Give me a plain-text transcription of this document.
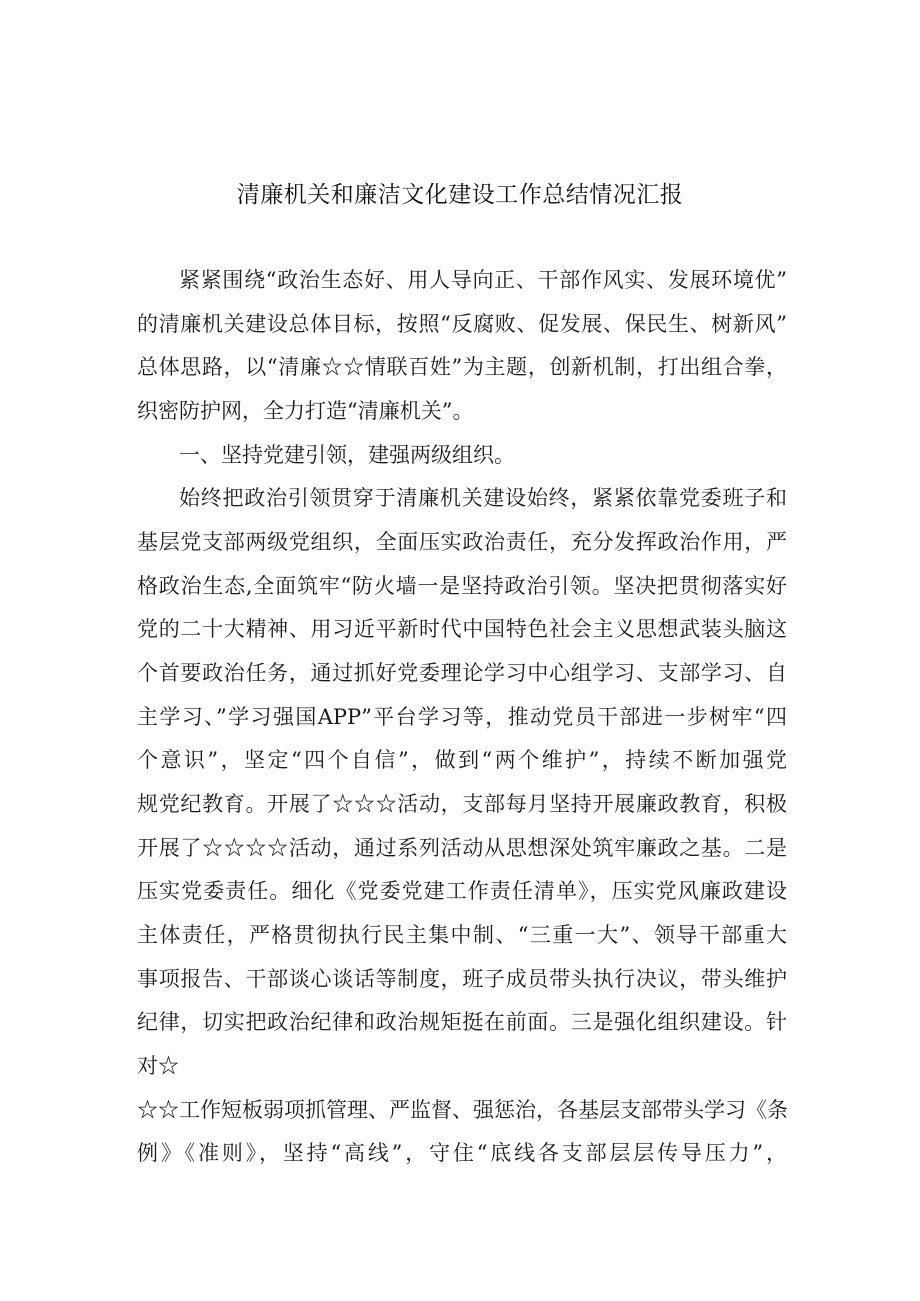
清廉机关和廉洁文化建设工作总结情况汇报
紧紧围绕“政治生态好、用人导向正、干部作风实、发展环境优”
的清廉机关建设总体目标，按照“反腐败、促发展、保民生、树新风”
总体思路，以“清廉☆☆情联百姓”为主题，创新机制，打出组合拳，
织密防护网，全力打造“清廉机关”。
一、坚持党建引领，建强两级组织。
始终把政治引领贯穿于清廉机关建设始终，紧紧依靠党委班子和
基层党支部两级党组织，全面压实政治责任，充分发挥政治作用，严
格政治生态,全面筑牢“防火墙一是坚持政治引领。坚决把贯彻落实好
党的二十大精神、用习近平新时代中国特色社会主义思想武装头脑这
个首要政治任务，通过抓好党委理论学习中心组学习、支部学习、自
主学习、”学习强国APP”平台学习等，推动党员干部进一步树牢“四
个意识”，坚定“四个自信”，做到“两个维护”，持续不断加强党
规党纪教育。开展了☆☆☆活动，支部每月坚持开展廉政教育，积极
开展了☆☆☆☆活动，通过系列活动从思想深处筑牢廉政之基。二是
压实党委责任。细化《党委党建工作责任清单》，压实党风廉政建设
主体责任，严格贯彻执行民主集中制、“三重一大”、领导干部重大
事项报告、干部谈心谈话等制度，班子成员带头执行决议，带头维护
纪律，切实把政治纪律和政治规矩挺在前面。三是强化组织建设。针
对☆
☆☆工作短板弱项抓管理、严监督、强惩治，各基层支部带头学习《条
例》《准则》，坚持“高线”，守住“底线各支部层层传导压力”，
